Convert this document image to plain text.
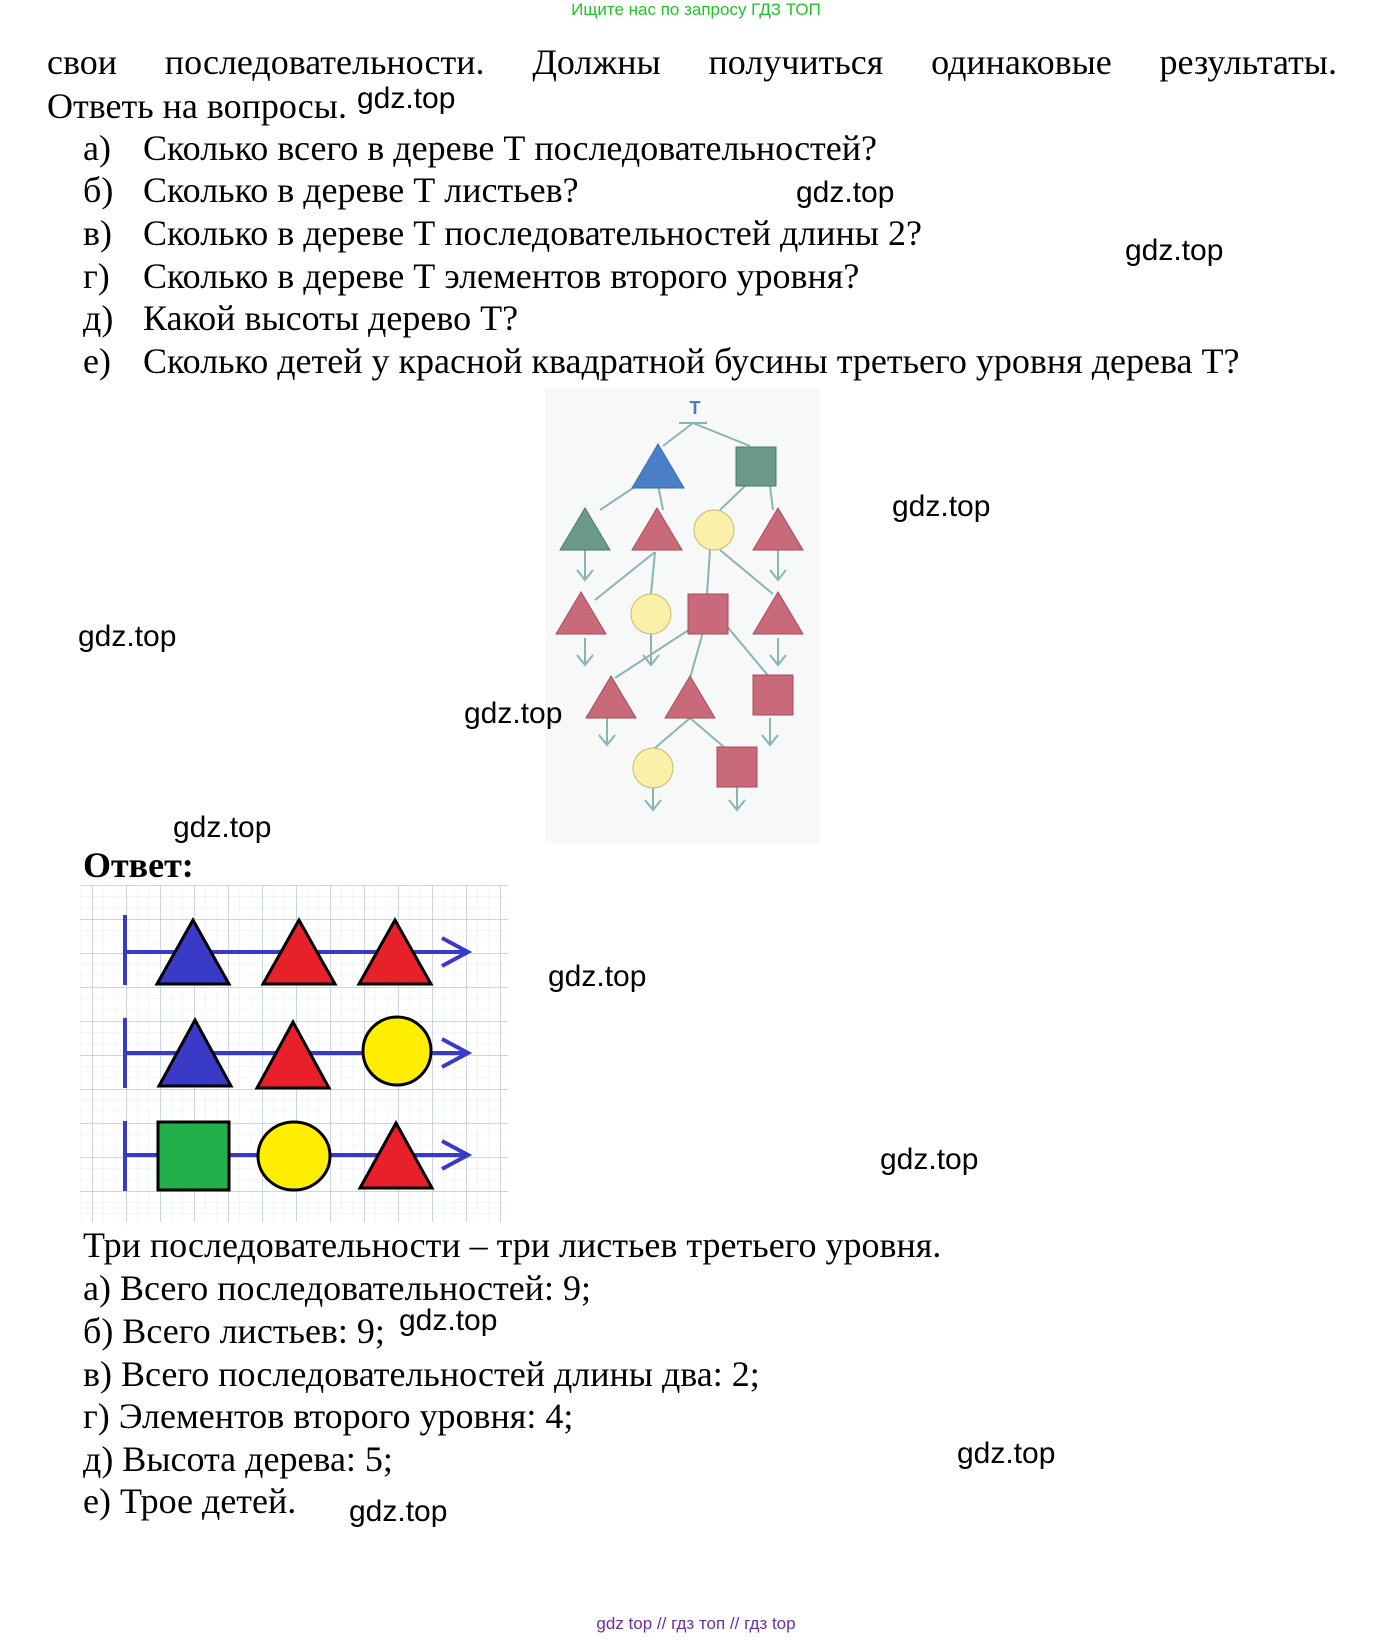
Ищите нас по запросу ГДЗ ТОП
свои последовательности. Должны получиться одинаковые результаты.
Ответь на вопросы.
а) Сколько всего в дереве Т последовательностей?
б) Сколько в дереве Т листьев?
в) Сколько в дереве Т последовательностей длины 2?
г) Сколько в дереве Т элементов второго уровня?
д) Какой высоты дерево Т?
е) Сколько детей у красной квадратной бусины третьего уровня дерева Т?
Т
gdz.top
gdz.top
gdz.top
gdz.top
gdz.top
gdz.top
gdz.top
gdz.top
gdz.top
gdz.top
gdz.top
gdz.top
Ответ:
Три последовательности – три листьев третьего уровня.
а) Всего последовательностей: 9;
б) Всего листьев: 9;
в) Всего последовательностей длины два: 2;
г) Элементов второго уровня: 4;
д) Высота дерева: 5;
е) Трое детей.
gdz top // гдз топ // гдз top
